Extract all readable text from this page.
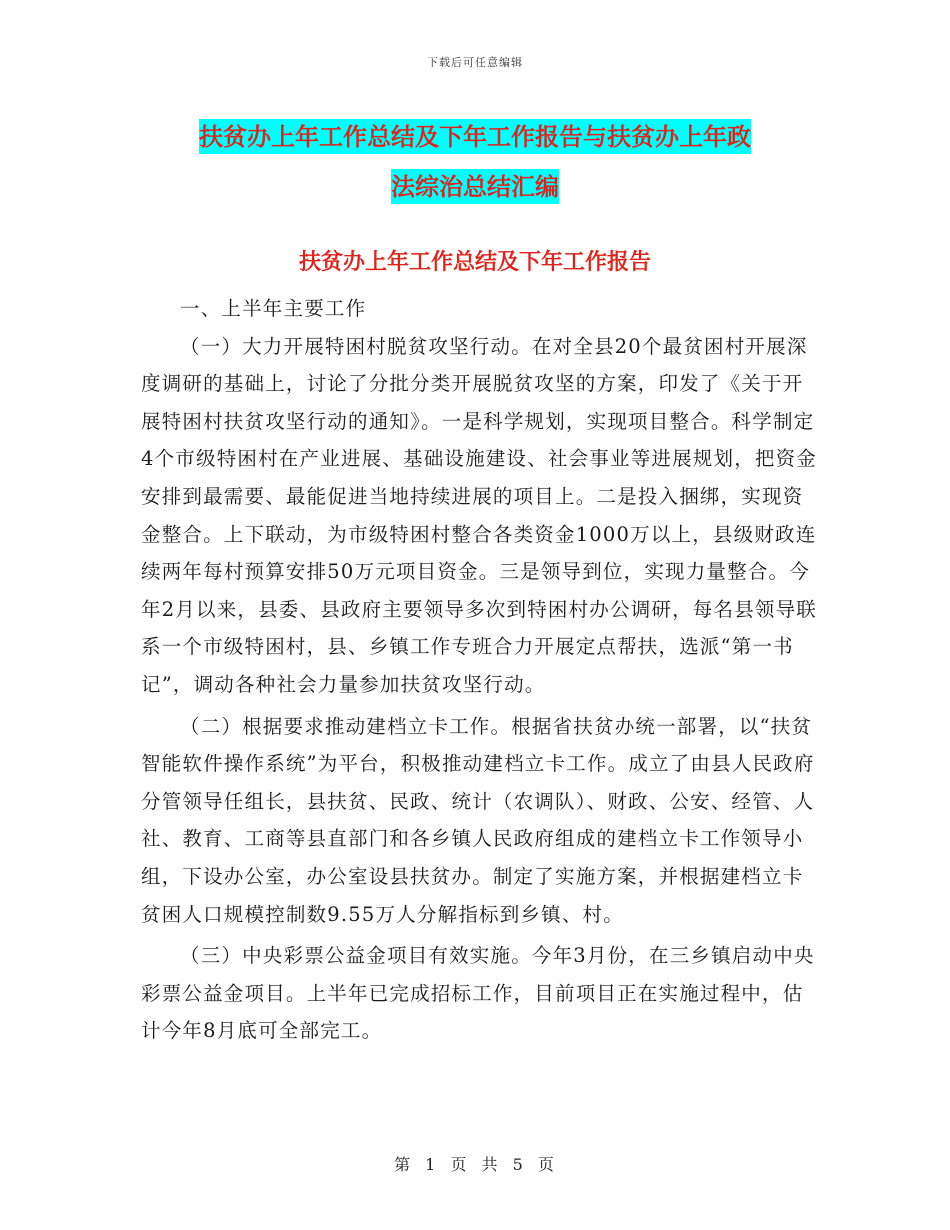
下载后可任意编辑
扶贫办上年工作总结及下年工作报告与扶贫办上年政
法综治总结汇编
扶贫办上年工作总结及下年工作报告

一、上半年主要工作

（一）大力开展特困村脱贫攻坚行动。在对全县20个最贫困村开展深度调研的基础上，讨论了分批分类开展脱贫攻坚的方案，印发了《关于开展特困村扶贫攻坚行动的通知》。一是科学规划，实现项目整合。科学制定4个市级特困村在产业进展、基础设施建设、社会事业等进展规划，把资金安排到最需要、最能促进当地持续进展的项目上。二是投入捆绑，实现资金整合。上下联动，为市级特困村整合各类资金1000万以上，县级财政连续两年每村预算安排50万元项目资金。三是领导到位，实现力量整合。今年2月以来，县委、县政府主要领导多次到特困村办公调研，每名县领导联系一个市级特困村，县、乡镇工作专班合力开展定点帮扶，选派“第一书记”，调动各种社会力量参加扶贫攻坚行动。

（二）根据要求推动建档立卡工作。根据省扶贫办统一部署，以“扶贫智能软件操作系统”为平台，积极推动建档立卡工作。成立了由县人民政府分管领导任组长，县扶贫、民政、统计（农调队）、财政、公安、经管、人社、教育、工商等县直部门和各乡镇人民政府组成的建档立卡工作领导小组，下设办公室，办公室设县扶贫办。制定了实施方案，并根据建档立卡贫困人口规模控制数9.55万人分解指标到乡镇、村。

（三）中央彩票公益金项目有效实施。今年3月份，在三乡镇启动中央彩票公益金项目。上半年已完成招标工作，目前项目正在实施过程中，估计今年8月底可全部完工。

第 1 页 共 5 页
